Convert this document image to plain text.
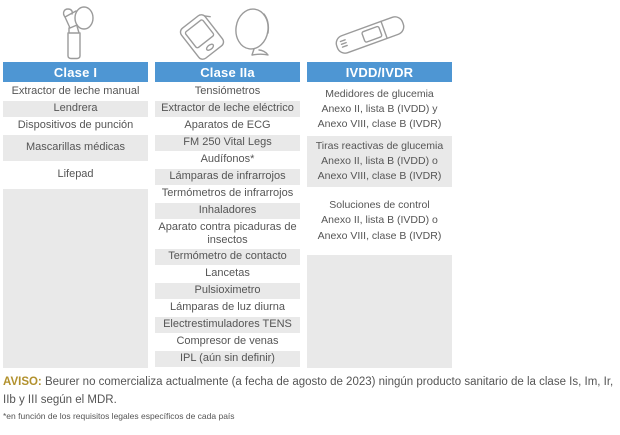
Clase I
Extractor de leche manual
Lendrera
Dispositivos de punción
Mascarillas médicas
Lifepad
Clase IIa
Tensiómetros
Extractor de leche eléctrico
Aparatos de ECG
FM 250 Vital Legs
Audífonos*
Lámparas de infrarrojos
Termómetros de infrarrojos
Inhaladores
Aparato contra picaduras de insectos
Termómetro de contacto
Lancetas
Pulsioximetro
Lámparas de luz diurna
Electrestimuladores TENS
Compresor de venas
IPL (aún sin definir)
IVDD/IVDR
Medidores de glucemia
Anexo II, lista B (IVDD) y
Anexo VIII, clase B (IVDR)
Tiras reactivas de glucemia
Anexo II, lista B (IVDD) o
Anexo VIII, clase B (IVDR)
Soluciones de control
Anexo II, lista B (IVDD) o
Anexo VIII, clase B (IVDR)
AVISO: Beurer no comercializa actualmente (a fecha de agosto de 2023) ningún producto sanitario de la clase Is, Im, Ir, IIb y III según el MDR.
*en función de los requisitos legales específicos de cada país
